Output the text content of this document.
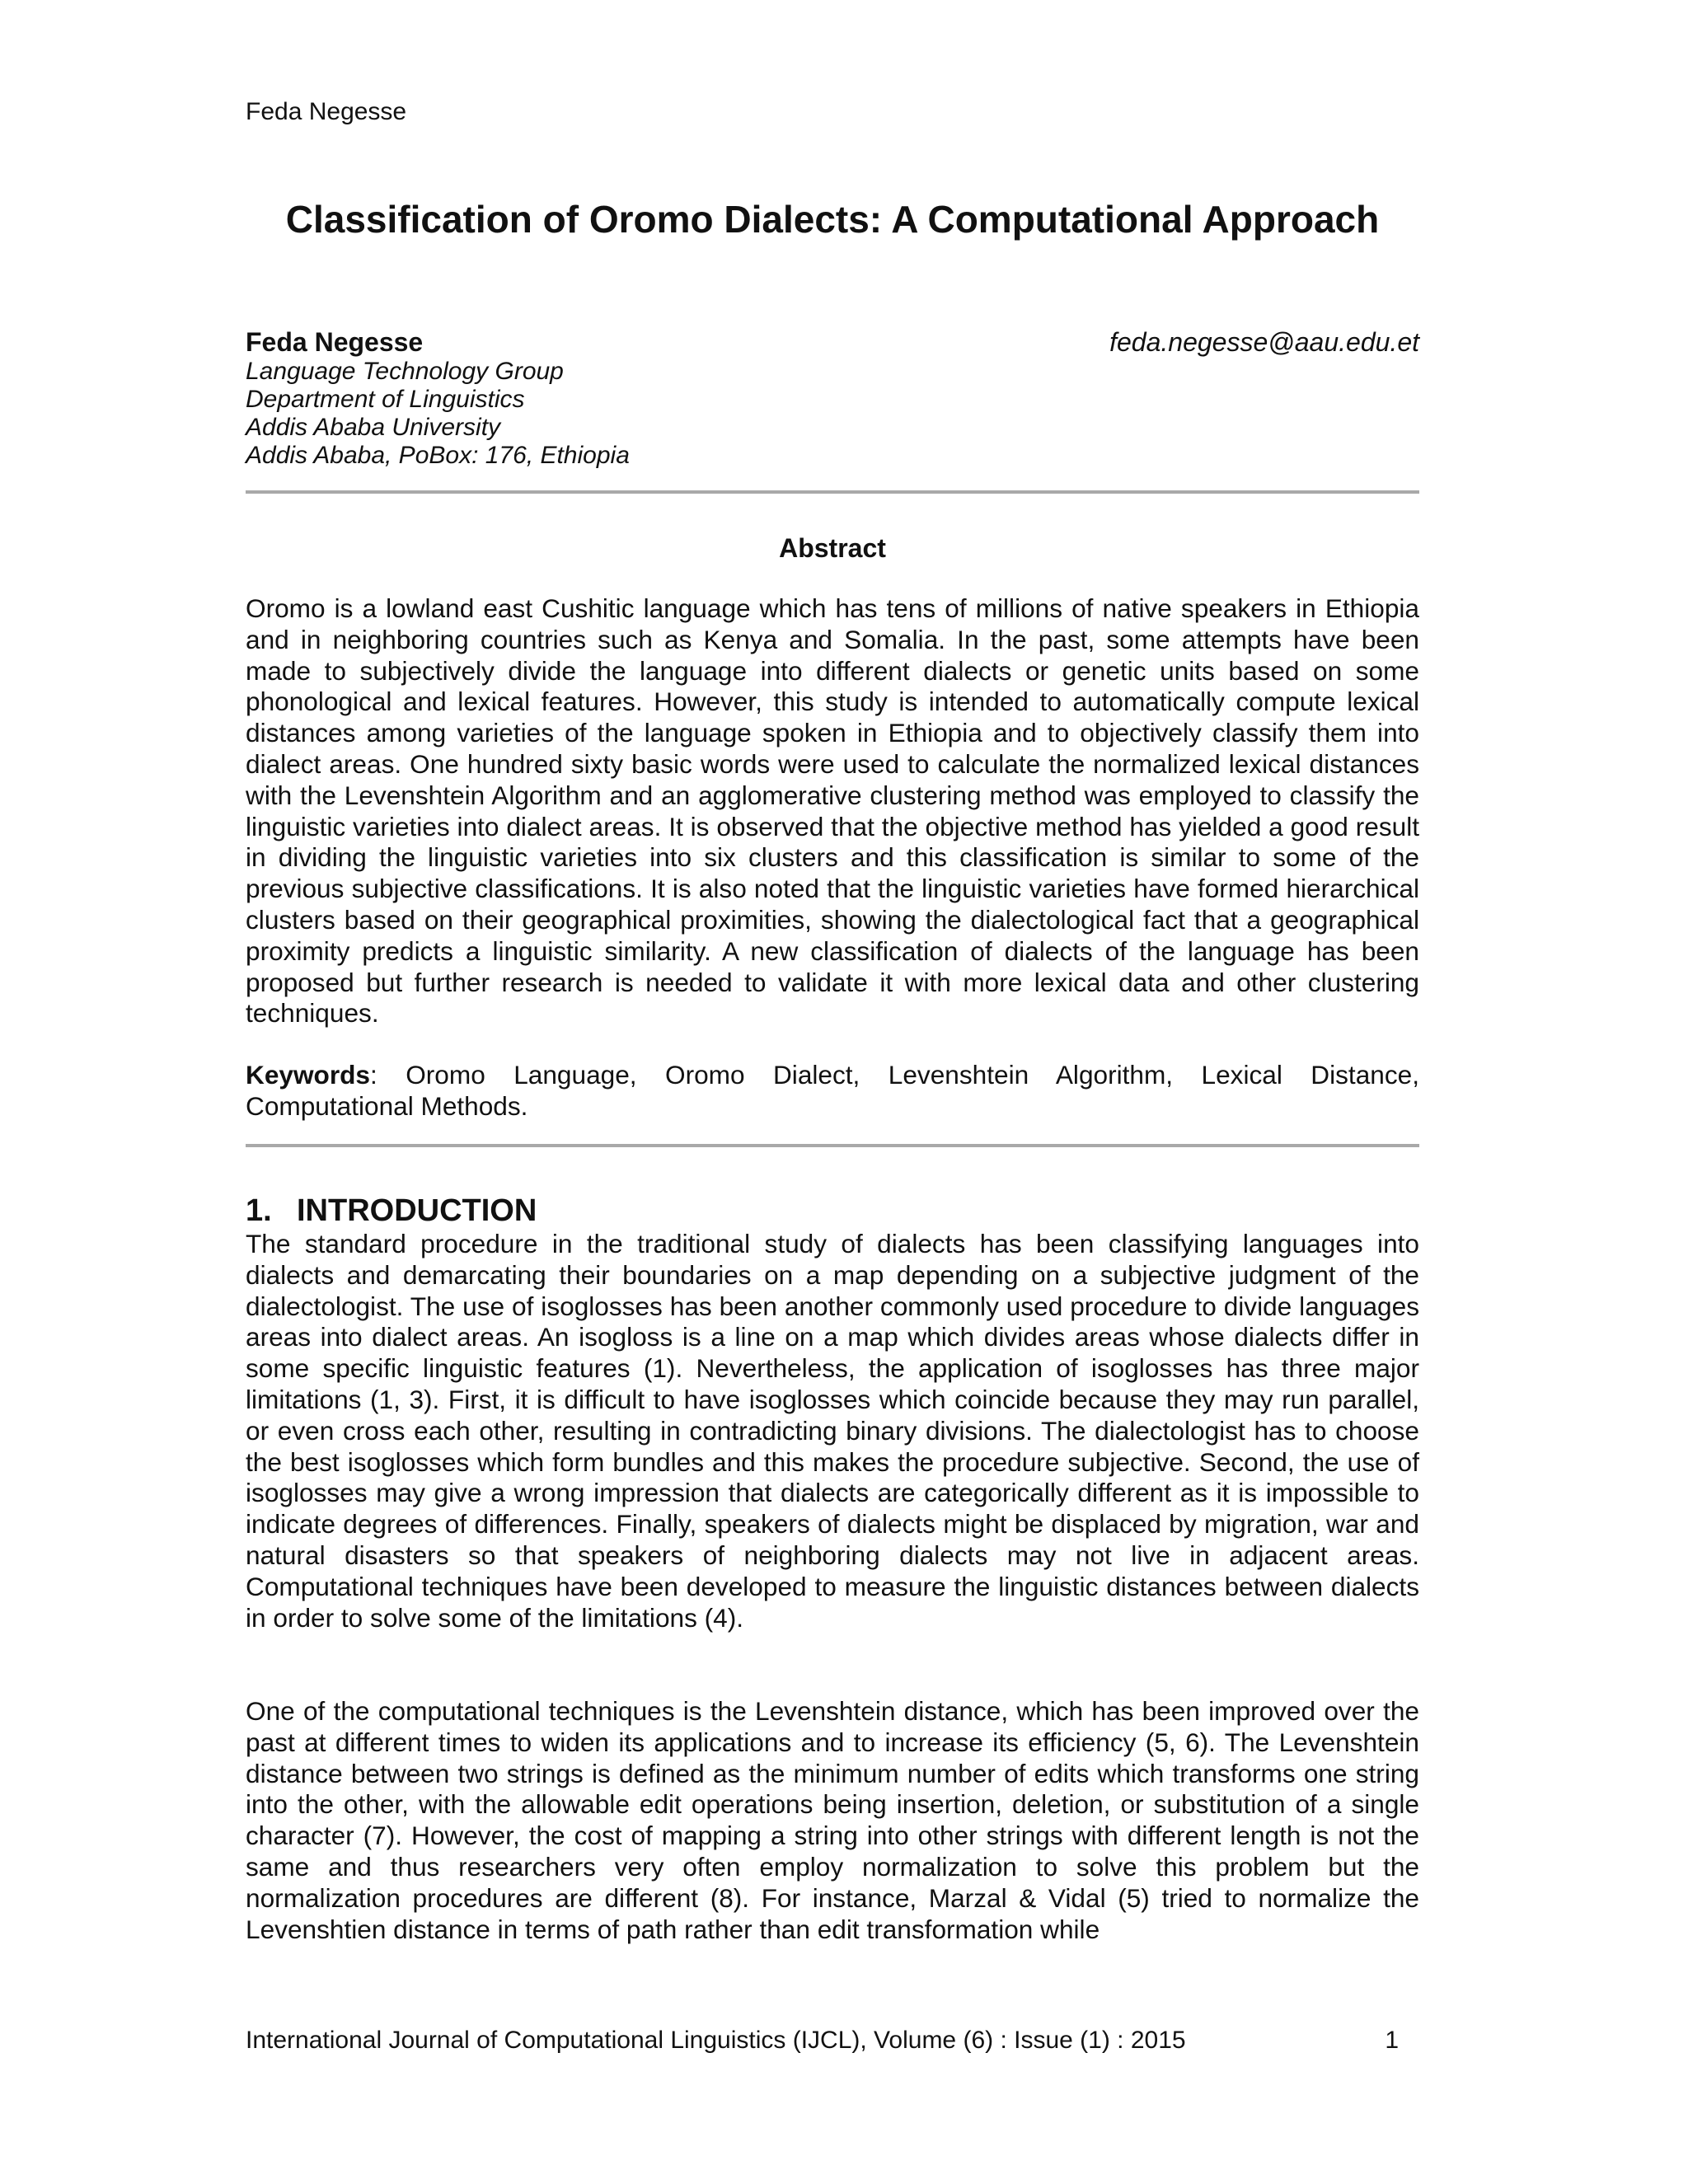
Feda Negesse
Classification of Oromo Dialects: A Computational Approach
Feda Negesse	feda.negesse@aau.edu.et
Language Technology Group
Department of Linguistics
Addis Ababa University
Addis Ababa, PoBox: 176, Ethiopia
Abstract

Oromo is a lowland east Cushitic language which has tens of millions of native speakers in Ethiopia and in neighboring countries such as Kenya and Somalia. In the past, some attempts have been made to subjectively divide the language into different dialects or genetic units based on some phonological and lexical features. However, this study is intended to automatically compute lexical distances among varieties of the language spoken in Ethiopia and to objectively classify them into dialect areas. One hundred sixty basic words were used to calculate the normalized lexical distances with the Levenshtein Algorithm and an agglomerative clustering method was employed to classify the linguistic varieties into dialect areas. It is observed that the objective method has yielded a good result in dividing the linguistic varieties into six clusters and this classification is similar to some of the previous subjective classifications. It is also noted that the linguistic varieties have formed hierarchical clusters based on their geographical proximities, showing the dialectological fact that a geographical proximity predicts a linguistic similarity. A new classification of dialects of the language has been proposed but further research is needed to validate it with more lexical data and other clustering techniques.

Keywords: Oromo Language, Oromo Dialect, Levenshtein Algorithm, Lexical Distance, Computational Methods.

1. INTRODUCTION

The standard procedure in the traditional study of dialects has been classifying languages into dialects and demarcating their boundaries on a map depending on a subjective judgment of the dialectologist. The use of isoglosses has been another commonly used procedure to divide languages areas into dialect areas. An isogloss is a line on a map which divides areas whose dialects differ in some specific linguistic features (1). Nevertheless, the application of isoglosses has three major limitations (1, 3). First, it is difficult to have isoglosses which coincide because they may run parallel, or even cross each other, resulting in contradicting binary divisions. The dialectologist has to choose the best isoglosses which form bundles and this makes the procedure subjective. Second, the use of isoglosses may give a wrong impression that dialects are categorically different as it is impossible to indicate degrees of differences. Finally, speakers of dialects might be displaced by migration, war and natural disasters so that speakers of neighboring dialects may not live in adjacent areas. Computational techniques have been developed to measure the linguistic distances between dialects in order to solve some of the limitations (4).

One of the computational techniques is the Levenshtein distance, which has been improved over the past at different times to widen its applications and to increase its efficiency (5, 6). The Levenshtein distance between two strings is defined as the minimum number of edits which transforms one string into the other, with the allowable edit operations being insertion, deletion, or substitution of a single character (7). However, the cost of mapping a string into other strings with different length is not the same and thus researchers very often employ normalization to solve this problem but the normalization procedures are different (8). For instance, Marzal & Vidal (5) tried to normalize the Levenshtien distance in terms of path rather than edit transformation while

International Journal of Computational Linguistics (IJCL), Volume (6) : Issue (1) : 2015	1
